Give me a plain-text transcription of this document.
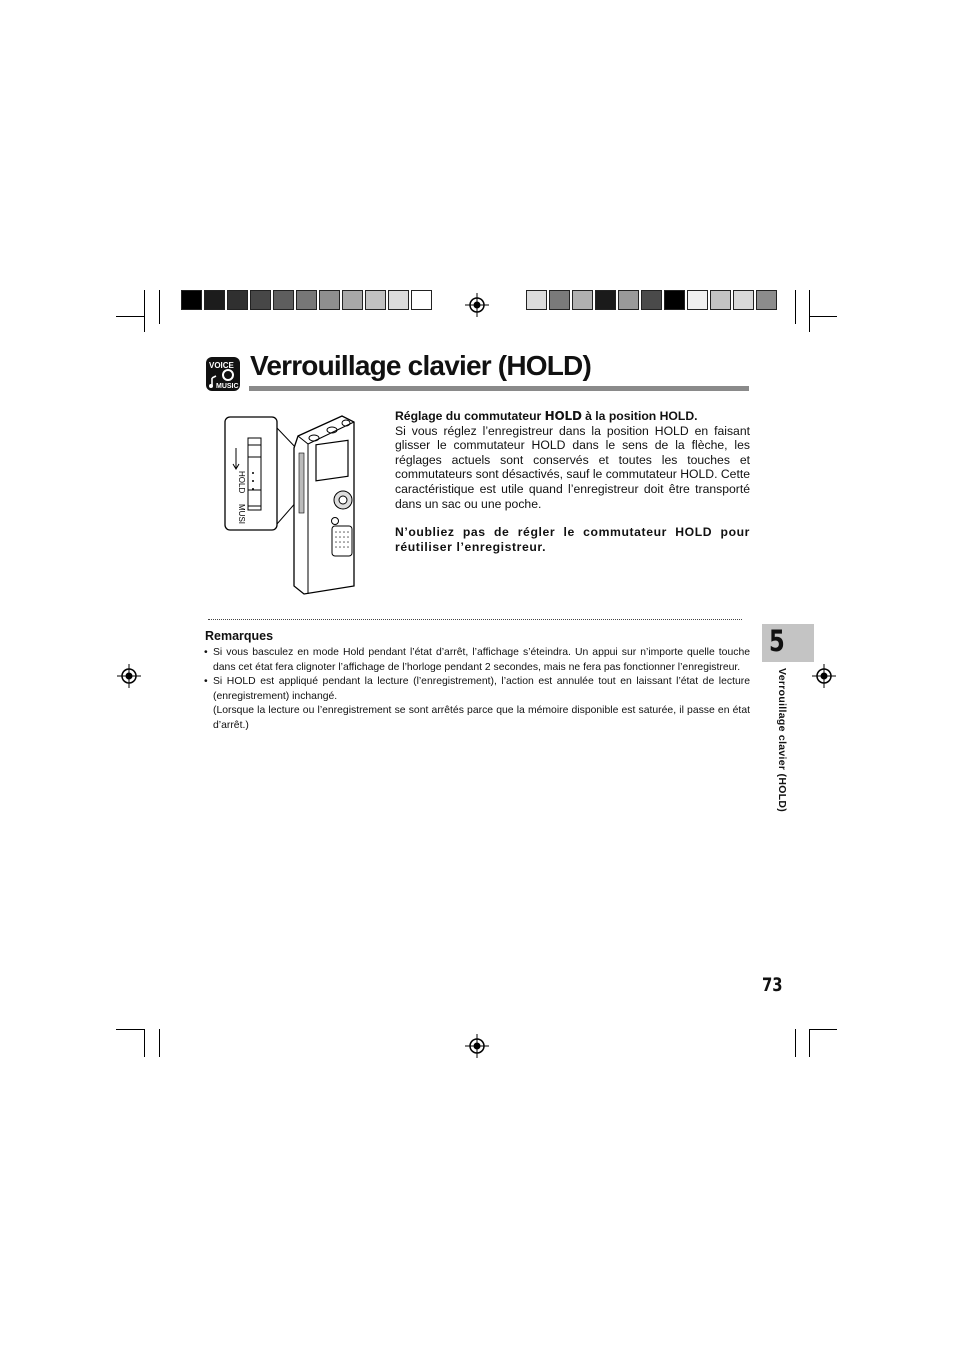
VOICE
MUSIC
Verrouillage clavier (HOLD)
HOLD
MUSI

Réglage du commutateur HOLD à la position HOLD.

Si vous réglez l’enregistreur dans la position HOLD en faisant glisser le commutateur HOLD dans le sens de la flèche, les réglages actuels sont conservés et toutes les touches et commutateurs sont désactivés, sauf le commutateur HOLD. Cette caractéristique est utile quand l’enregistreur doit être transporté dans un sac ou une poche.

N’oubliez pas de régler le commutateur HOLD pour réutiliser l’enregistreur.

Remarques
• Si vous basculez en mode Hold pendant l’état d’arrêt, l’affichage s’éteindra. Un appui sur n’importe quelle touche dans cet état fera clignoter l’affichage de l’horloge pendant 2 secondes, mais ne fera pas fonctionner l’enregistreur.
• Si HOLD est appliqué pendant la lecture (l’enregistrement), l’action est annulée tout en laissant l’état de lecture (enregistrement) inchangé.
(Lorsque la lecture ou l’enregistrement se sont arrêtés parce que la mémoire disponible est saturée, il passe en état d’arrêt.)
5
Verrouillage clavier (HOLD)
73
